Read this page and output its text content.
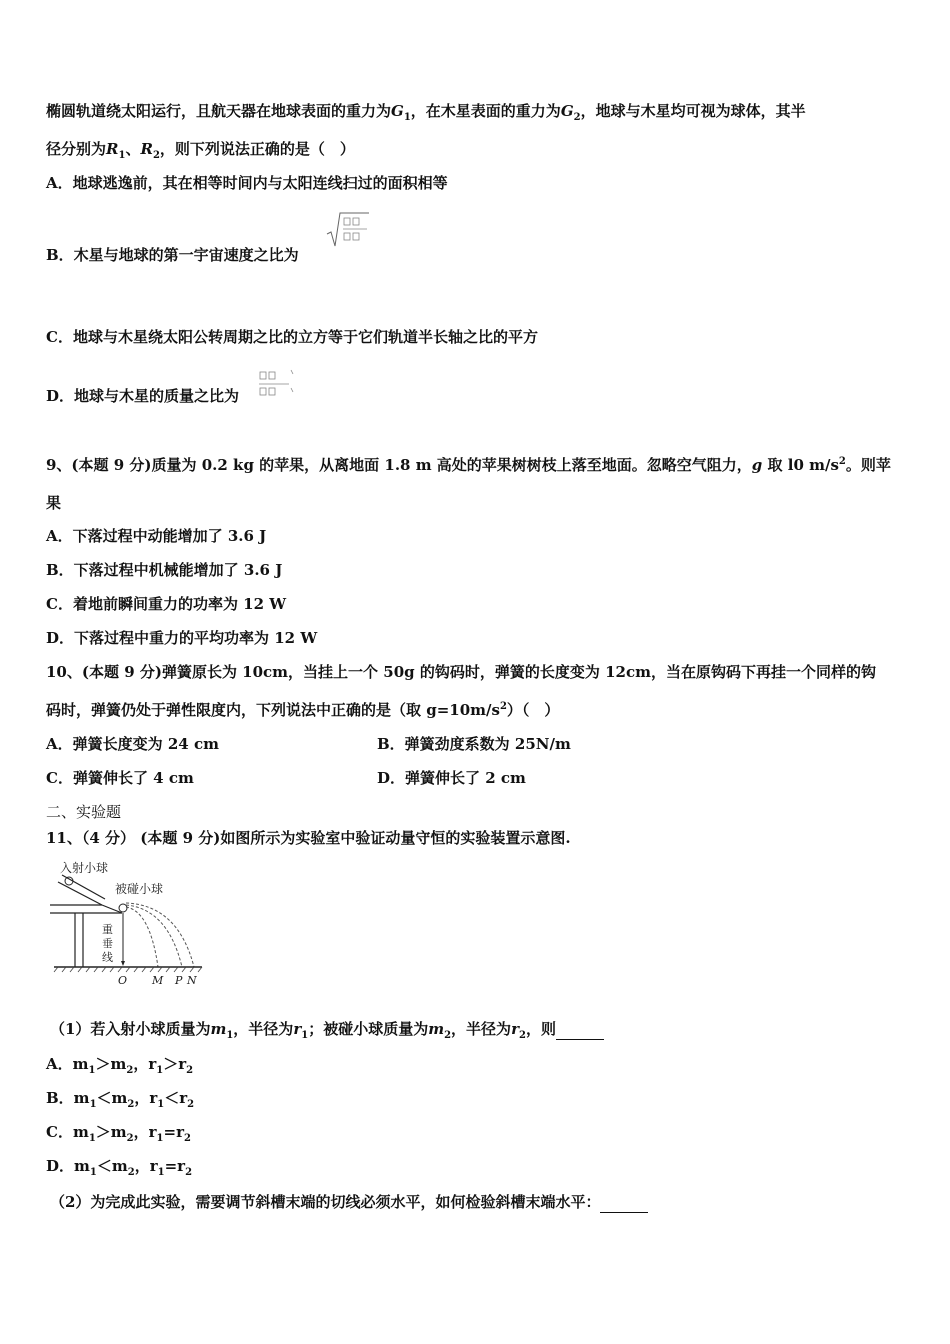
椭圆轨道绕太阳运行，且航天器在地球表面的重力为$G_1$，在木星表面的重力为$G_2$，地球与木星均可视为球体，其半
径分别为$R_1$、$R_2$，则下列说法正确的是（　）
A．地球逃逸前，其在相等时间内与太阳连线扫过的面积相等
B．木星与地球的第一宇宙速度之比为
C．地球与木星绕太阳公转周期之比的立方等于它们轨道半长轴之比的平方
D．地球与木星的质量之比为
9、(本题 9 分)质量为 0.2 kg 的苹果，从离地面 1.8 m 高处的苹果树树枝上落至地面。忽略空气阻力，g 取 l0 $m/s^2$。则苹
果
A．下落过程中动能增加了 3.6 J
B．下落过程中机械能增加了 3.6 J
C．着地前瞬间重力的功率为 12 W
D．下落过程中重力的平均功率为 12 W
10、(本题 9 分)弹簧原长为 10cm，当挂上一个 50g 的钩码时，弹簧的长度变为 12cm，当在原钩码下再挂一个同样的钩
码时，弹簧仍处于弹性限度内，下列说法中正确的是（取 $g=10m/s^2$）（　）
A．弹簧长度变为 24 cm	B．弹簧劲度系数为 25N/m
C．弹簧伸长了 4 cm	D．弹簧伸长了 2 cm
二、实验题
11、（4 分） (本题 9 分)如图所示为实验室中验证动量守恒的实验装置示意图.
入射小球
被碰小球
重
垂
线
O M P N
（1）若入射小球质量为$m_1$，半径为$r_1$；被碰小球质量为$m_2$，半径为$r_2$，则
A．$m_1>m_2$，$r_1>r_2$
B．$m_1<m_2$，$r_1<r_2$
C．$m_1>m_2$，$r_1=r_2$
D．$m_1<m_2$，$r_1=r_2$
（2）为完成此实验，需要调节斜槽末端的切线必须水平，如何检验斜槽末端水平：
